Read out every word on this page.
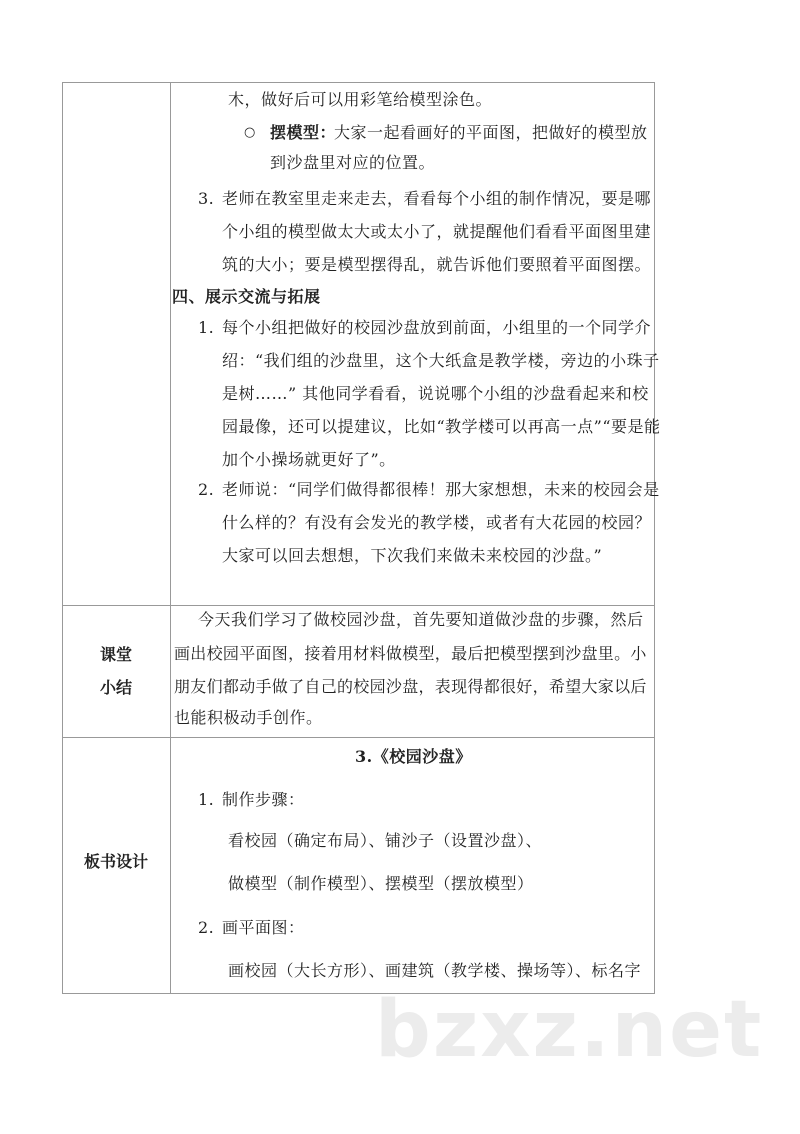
木，做好后可以用彩笔给模型涂色。
○ 摆模型：
大家一起看画好的平面图，把做好的模型放
到沙盘里对应的位置。
3. 老师在教室里走来走去，看看每个小组的制作情况，要是哪
个小组的模型做太大或太小了，就提醒他们看看平面图里建
筑的大小；要是模型摆得乱，就告诉他们要照着平面图摆。
四、展示交流与拓展
1. 每个小组把做好的校园沙盘放到前面，小组里的一个同学介
绍：“我们组的沙盘里，这个大纸盒是教学楼，旁边的小珠子
是树……” 其他同学看看，说说哪个小组的沙盘看起来和校
园最像，还可以提建议，比如“教学楼可以再高一点”“要是能
加个小操场就更好了”。
2. 老师说：“同学们做得都很棒！那大家想想，未来的校园会是
什么样的？有没有会发光的教学楼，或者有大花园的校园？
大家可以回去想想，下次我们来做未来校园的沙盘。”
课堂
小结
今天我们学习了做校园沙盘，首先要知道做沙盘的步骤，然后
画出校园平面图，接着用材料做模型，最后把模型摆到沙盘里。小
朋友们都动手做了自己的校园沙盘，表现得都很好，希望大家以后
也能积极动手创作。
板书设计
3.《校园沙盘》
1. 制作步骤：
看校园（确定布局）、铺沙子（设置沙盘）、
做模型（制作模型）、摆模型（摆放模型）
2. 画平面图：
画校园（大长方形）、画建筑（教学楼、操场等）、标名字
bzxz.net
